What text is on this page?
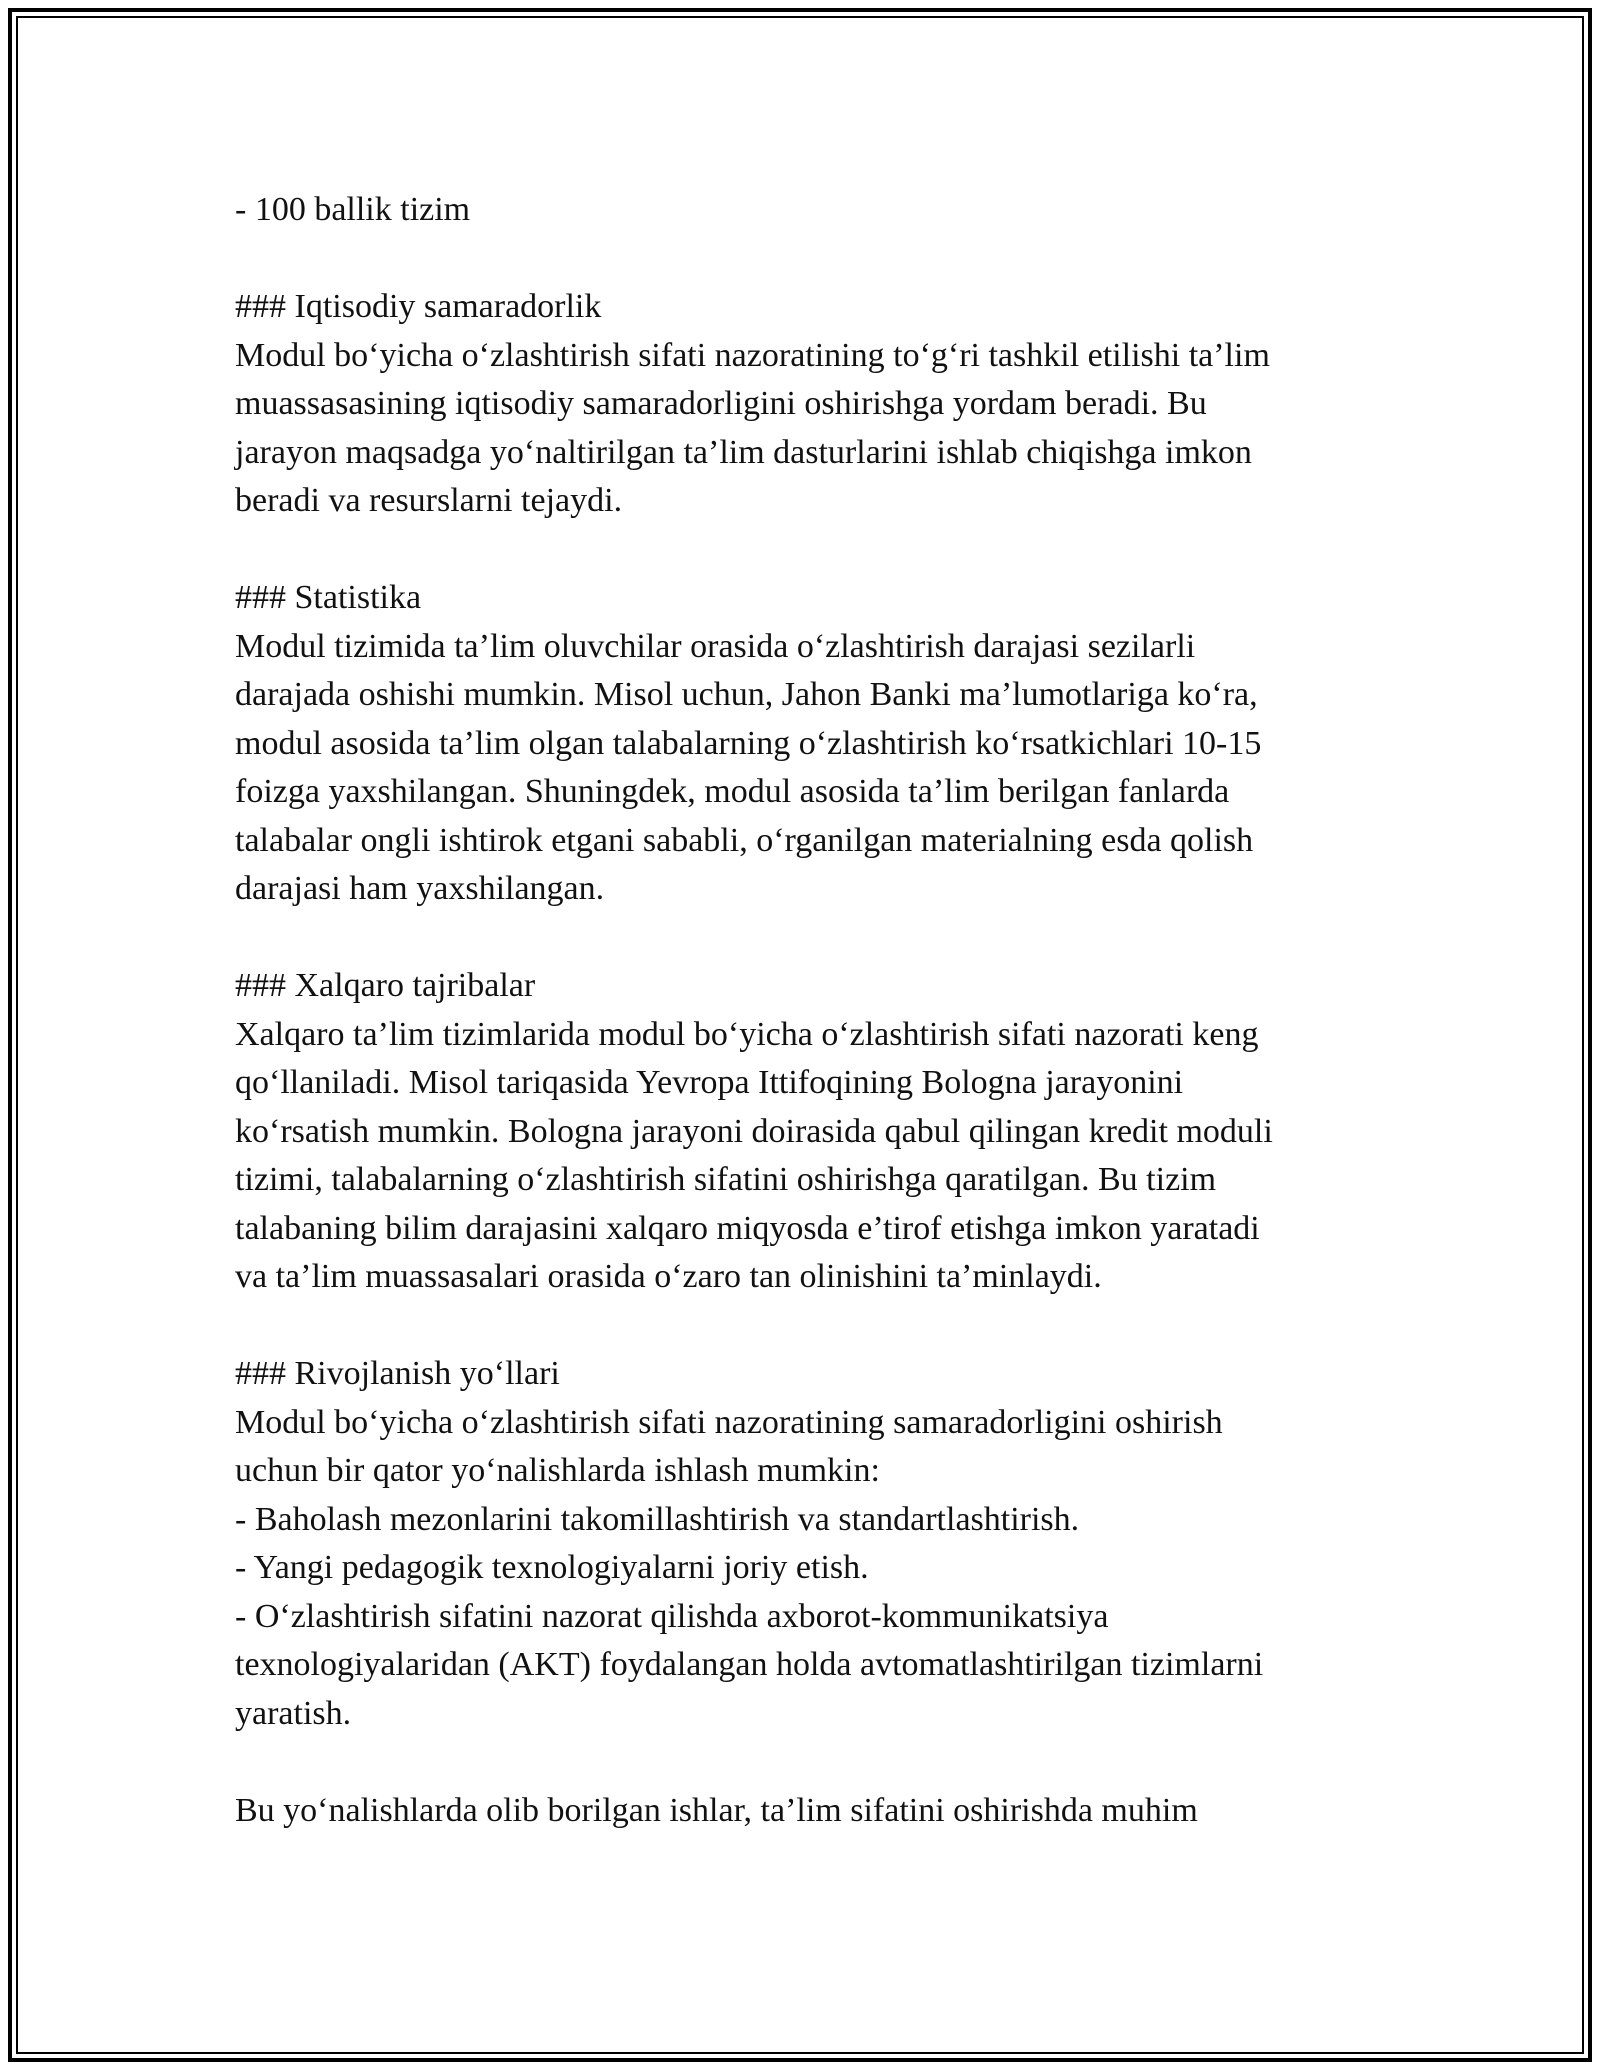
- 100 ballik tizim
### Iqtisodiy samaradorlik
Modul bo‘yicha o‘zlashtirish sifati nazoratining to‘g‘ri tashkil etilishi ta’lim
muassasasining iqtisodiy samaradorligini oshirishga yordam beradi. Bu
jarayon maqsadga yo‘naltirilgan ta’lim dasturlarini ishlab chiqishga imkon
beradi va resurslarni tejaydi.
### Statistika
Modul tizimida ta’lim oluvchilar orasida o‘zlashtirish darajasi sezilarli
darajada oshishi mumkin. Misol uchun, Jahon Banki ma’lumotlariga ko‘ra,
modul asosida ta’lim olgan talabalarning o‘zlashtirish ko‘rsatkichlari 10-15
foizga yaxshilangan. Shuningdek, modul asosida ta’lim berilgan fanlarda
talabalar ongli ishtirok etgani sababli, o‘rganilgan materialning esda qolish
darajasi ham yaxshilangan.
### Xalqaro tajribalar
Xalqaro ta’lim tizimlarida modul bo‘yicha o‘zlashtirish sifati nazorati keng
qo‘llaniladi. Misol tariqasida Yevropa Ittifoqining Bologna jarayonini
ko‘rsatish mumkin. Bologna jarayoni doirasida qabul qilingan kredit moduli
tizimi, talabalarning o‘zlashtirish sifatini oshirishga qaratilgan. Bu tizim
talabaning bilim darajasini xalqaro miqyosda e’tirof etishga imkon yaratadi
va ta’lim muassasalari orasida o‘zaro tan olinishini ta’minlaydi.
### Rivojlanish yo‘llari
Modul bo‘yicha o‘zlashtirish sifati nazoratining samaradorligini oshirish
uchun bir qator yo‘nalishlarda ishlash mumkin:
- Baholash mezonlarini takomillashtirish va standartlashtirish.
- Yangi pedagogik texnologiyalarni joriy etish.
- O‘zlashtirish sifatini nazorat qilishda axborot-kommunikatsiya
texnologiyalaridan (AKT) foydalangan holda avtomatlashtirilgan tizimlarni
yaratish.
Bu yo‘nalishlarda olib borilgan ishlar, ta’lim sifatini oshirishda muhim
